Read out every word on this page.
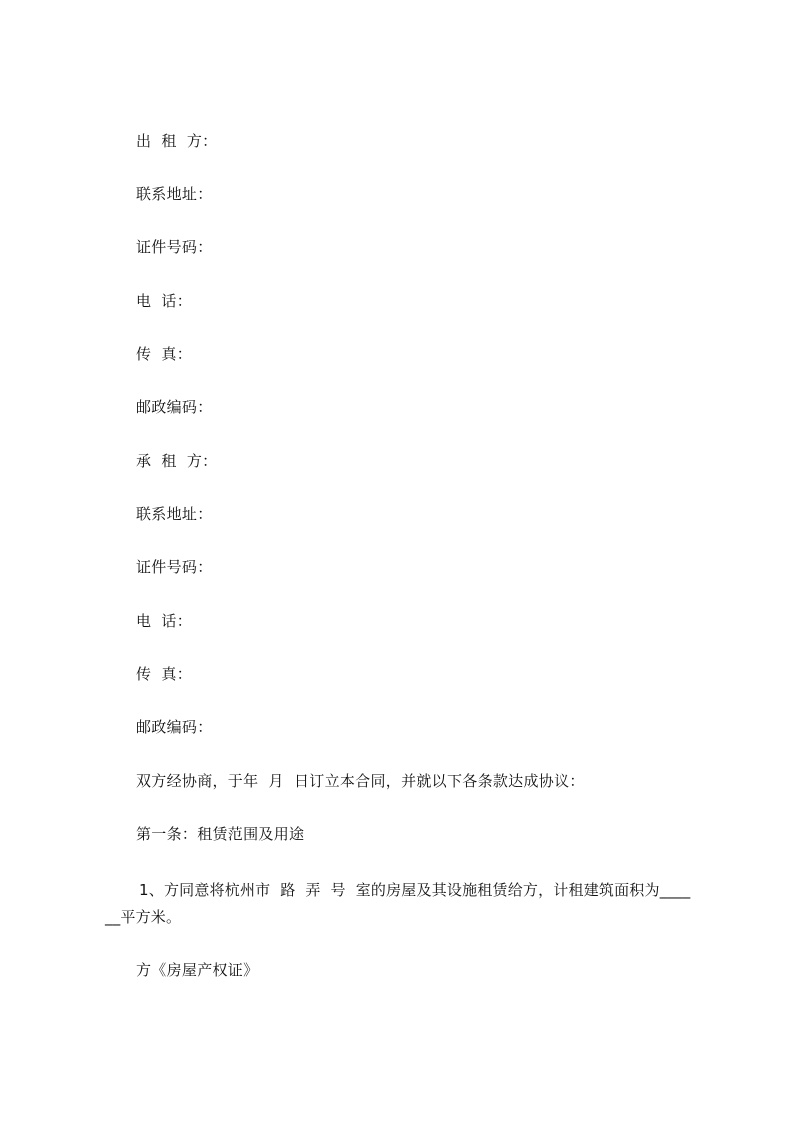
出  租  方：
联系地址：
证件号码：
电  话：
传  真：
邮政编码：
承  租  方：
联系地址：
证件号码：
电  话：
传  真：
邮政编码：
双方经协商，于年  月  日订立本合同，并就以下各条款达成协议：
第一条：租赁范围及用途
1、方同意将杭州市  路  弄  号  室的房屋及其设施租赁给方，计租建筑面积为____
__平方米。
方《房屋产权证》
